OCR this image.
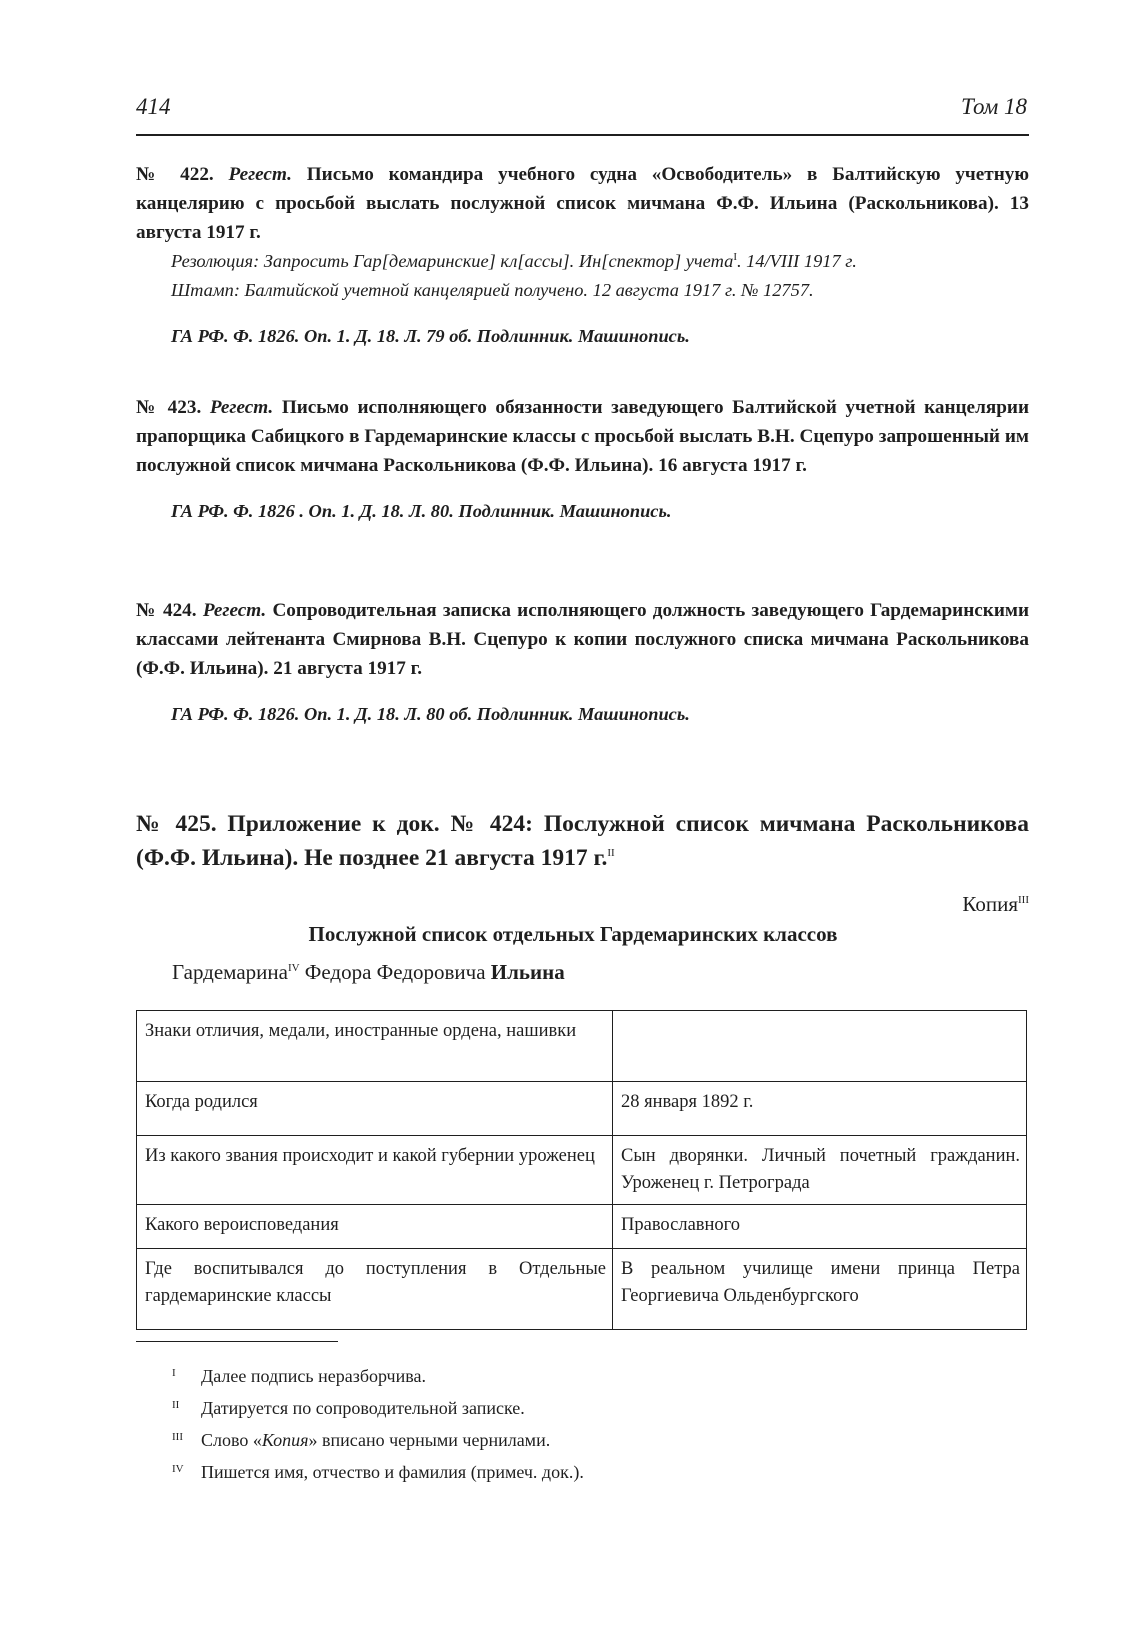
414	Том 18

№ 422. Регест. Письмо командира учебного судна «Освободитель» в Балтийскую учетную канцелярию с просьбой выслать послужной список мичмана Ф.Ф. Ильина (Раскольникова). 13 августа 1917 г.

Резолюция: Запросить Гар[демаринские] кл[ассы]. Ин[спектор] учета$^I$. 14/VIII 1917 г.

Штамп: Балтийской учетной канцелярией получено. 12 августа 1917 г. № 12757.

ГА РФ. Ф. 1826. Оп. 1. Д. 18. Л. 79 об. Подлинник. Машинопись.

№ 423. Регест. Письмо исполняющего обязанности заведующего Балтийской учетной канцелярии прапорщика Сабицкого в Гардемаринские классы с просьбой выслать В.Н. Сцепуро запрошенный им послужной список мичмана Раскольникова (Ф.Ф. Ильина). 16 августа 1917 г.

ГА РФ. Ф. 1826 . Оп. 1. Д. 18. Л. 80. Подлинник. Машинопись.

№ 424. Регест. Сопроводительная записка исполняющего должность заведующего Гардемаринскими классами лейтенанта Смирнова В.Н. Сцепуро к копии послужного списка мичмана Раскольникова (Ф.Ф. Ильина). 21 августа 1917 г.

ГА РФ. Ф. 1826. Оп. 1. Д. 18. Л. 80 об. Подлинник. Машинопись.

№ 425. Приложение к док. № 424: Послужной список мичмана Раскольникова (Ф.Ф. Ильина). Не позднее 21 августа 1917 г.$^{II}$
Копия$^{III}$
Послужной список отдельных Гардемаринских классов
Гардемарина$^{IV}$ Федора Федоровича Ильина
Знаки отличия, медали, иностранные ордена, нашивки	
Когда родился	28 января 1892 г.
Из какого звания происходит и какой губернии уроженец	Сын дворянки. Личный почетный гражданин. Уроженец г. Петрограда
Какого вероисповедания	Православного
Где воспитывался до поступления в Отдельные гардемаринские классы	В реальном училище имени принца Петра Георгиевича Ольденбургского
I Далее подпись неразборчива.
II Датируется по сопроводительной записке.
III Слово «Копия» вписано черными чернилами.
IV Пишется имя, отчество и фамилия (примеч. док.).
